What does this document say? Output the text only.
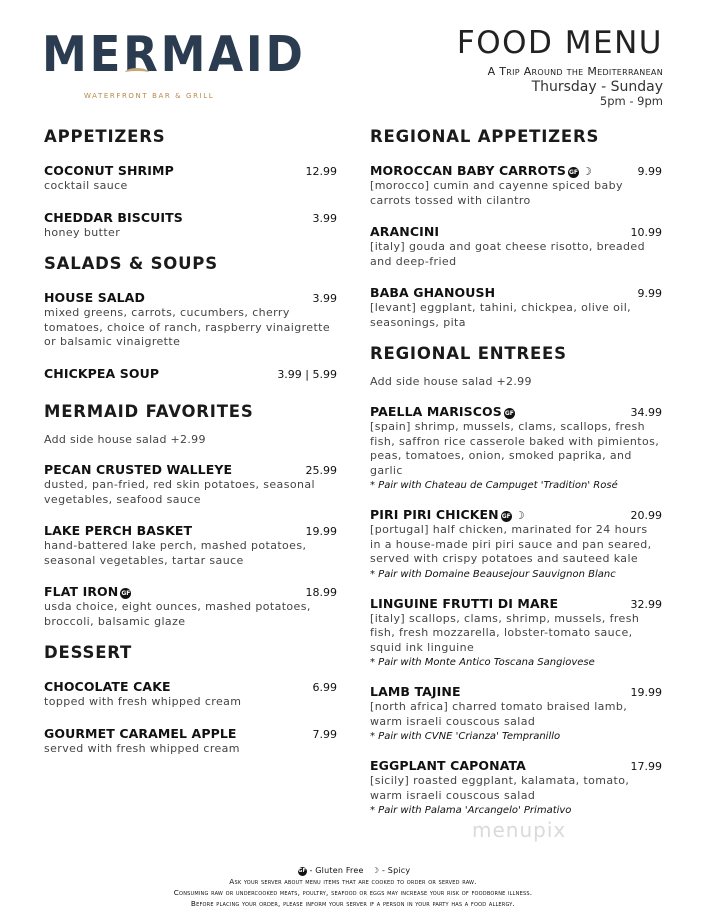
MERMAID
WATERFRONT BAR & GRILL
FOOD MENU
A Trip Around the Mediterranean
Thursday - Sunday
5pm - 9pm
APPETIZERS
COCONUT SHRIMP	12.99
cocktail sauce
CHEDDAR BISCUITS	3.99
honey butter
SALADS & SOUPS
HOUSE SALAD	3.99
mixed greens, carrots, cucumbers, cherry tomatoes, choice of ranch, raspberry vinaigrette or balsamic vinaigrette
CHICKPEA SOUP	3.99 | 5.99
MERMAID FAVORITES
Add side house salad +2.99
PECAN CRUSTED WALLEYE	25.99
dusted, pan-fried, red skin potatoes, seasonal vegetables, seafood sauce
LAKE PERCH BASKET	19.99
hand-battered lake perch, mashed potatoes, seasonal vegetables, tartar sauce
FLAT IRON GF	18.99
usda choice, eight ounces, mashed potatoes, broccoli, balsamic glaze
DESSERT
CHOCOLATE CAKE	6.99
topped with fresh whipped cream
GOURMET CARAMEL APPLE	7.99
served with fresh whipped cream
REGIONAL APPETIZERS
MOROCCAN BABY CARROTS GF ☽	9.99
[morocco] cumin and cayenne spiced baby carrots tossed with cilantro
ARANCINI	10.99
[italy] gouda and goat cheese risotto, breaded and deep-fried
BABA GHANOUSH	9.99
[levant] eggplant, tahini, chickpea, olive oil, seasonings, pita
REGIONAL ENTREES
Add side house salad +2.99
PAELLA MARISCOS GF	34.99
[spain] shrimp, mussels, clams, scallops, fresh fish, saffron rice casserole baked with pimientos, peas, tomatoes, onion, smoked paprika, and garlic
* Pair with Chateau de Campuget 'Tradition' Rosé
PIRI PIRI CHICKEN GF ☽	20.99
[portugal] half chicken, marinated for 24 hours in a house-made piri piri sauce and pan seared, served with crispy potatoes and sauteed kale
* Pair with Domaine Beausejour Sauvignon Blanc
LINGUINE FRUTTI DI MARE	32.99
[italy] scallops, clams, shrimp, mussels, fresh fish, fresh mozzarella, lobster-tomato sauce, squid ink linguine
* Pair with Monte Antico Toscana Sangiovese
LAMB TAJINE	19.99
[north africa] charred tomato braised lamb, warm israeli couscous salad
* Pair with CVNE 'Crianza' Tempranillo
EGGPLANT CAPONATA	17.99
[sicily] roasted eggplant, kalamata, tomato, warm israeli couscous salad
* Pair with Palama 'Arcangelo' Primativo
menupix
GF - Gluten Free ☽ - Spicy
Ask your server about menu items that are cooked to order or served raw.
Consuming raw or undercooked meats, poultry, seafood or eggs may increase your risk of foodborne illness.
Before placing your order, please inform your server if a person in your party has a food allergy.
